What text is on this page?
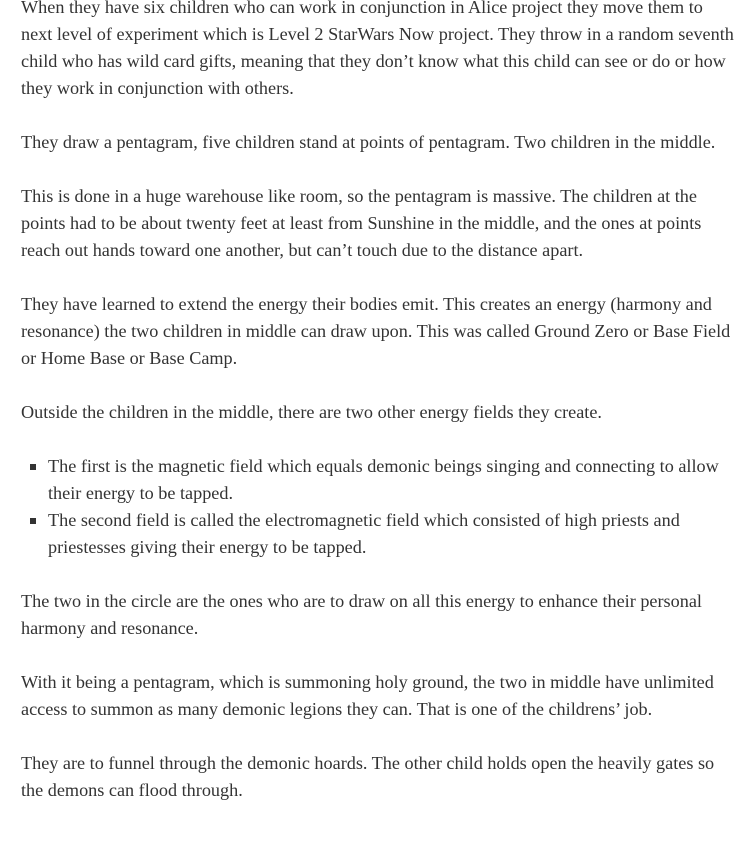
When they have six children who can work in conjunction in Alice project they move them to next level of experiment which is Level 2 StarWars Now project. They throw in a random seventh child who has wild card gifts, meaning that they don’t know what this child can see or do or how they work in conjunction with others.

They draw a pentagram, five children stand at points of pentagram. Two children in the middle.

This is done in a huge warehouse like room, so the pentagram is massive. The children at the points had to be about twenty feet at least from Sunshine in the middle, and the ones at points reach out hands toward one another, but can’t touch due to the distance apart.

They have learned to extend the energy their bodies emit. This creates an energy (harmony and resonance) the two children in middle can draw upon. This was called Ground Zero or Base Field or Home Base or Base Camp.

Outside the children in the middle, there are two other energy fields they create.

The first is the magnetic field which equals demonic beings singing and connecting to allow their energy to be tapped.
The second field is called the electromagnetic field which consisted of high priests and priestesses giving their energy to be tapped.

The two in the circle are the ones who are to draw on all this energy to enhance their personal harmony and resonance.

With it being a pentagram, which is summoning holy ground, the two in middle have unlimited access to summon as many demonic legions they can. That is one of the childrens’ job.

They are to funnel through the demonic hoards. The other child holds open the heavily gates so the demons can flood through.
